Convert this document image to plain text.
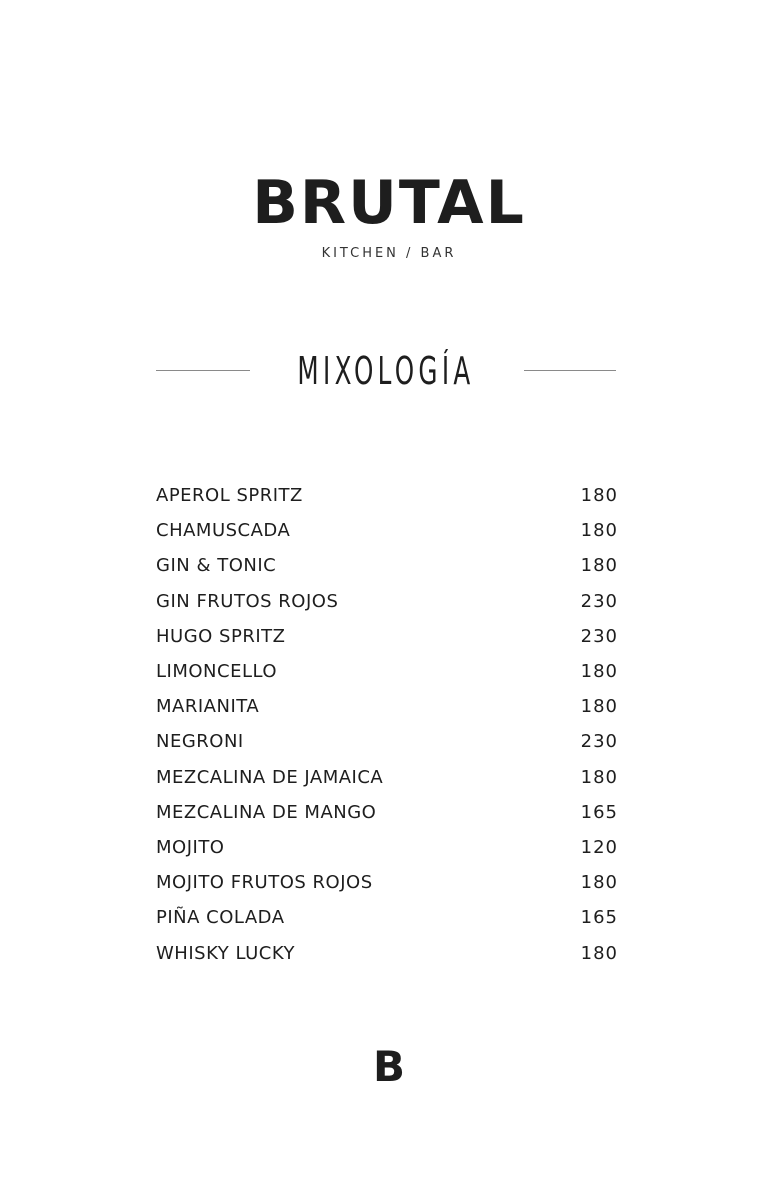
BRUTAL
KITCHEN / BAR
MIXOLOGÍA
APEROL SPRITZ	180
CHAMUSCADA	180
GIN & TONIC	180
GIN FRUTOS ROJOS	230
HUGO SPRITZ	230
LIMONCELLO	180
MARIANITA	180
NEGRONI	230
MEZCALINA DE JAMAICA	180
MEZCALINA DE MANGO	165
MOJITO	120
MOJITO FRUTOS ROJOS	180
PIÑA COLADA	165
WHISKY LUCKY	180
B
